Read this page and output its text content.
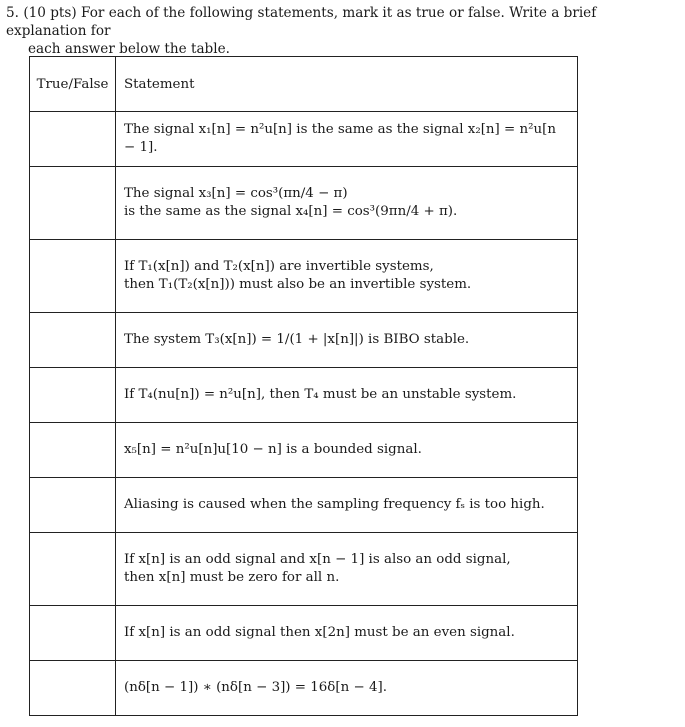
5. (10 pts) For each of the following statements, mark it as true or false. Write a brief explanation for
each answer below the table.
True/False	Statement

	The signal x₁[n] = n²u[n] is the same as the signal x₂[n] = n²u[n − 1].

	The signal x₃[n] = cos³(πn/4 − π)
is the same as the signal x₄[n] = cos³(9πn/4 + π).

	If T₁(x[n]) and T₂(x[n]) are invertible systems,
then T₁(T₂(x[n])) must also be an invertible system.

	The system T₃(x[n]) = 1/(1 + |x[n]|) is BIBO stable.

	If T₄(nu[n]) = n²u[n], then T₄ must be an unstable system.

	x₅[n] = n²u[n]u[10 − n] is a bounded signal.

	Aliasing is caused when the sampling frequency fₛ is too high.

	If x[n] is an odd signal and x[n − 1] is also an odd signal,
then x[n] must be zero for all n.

	If x[n] is an odd signal then x[2n] must be an even signal.

	(nδ[n − 1]) ∗ (nδ[n − 3]) = 16δ[n − 4].
